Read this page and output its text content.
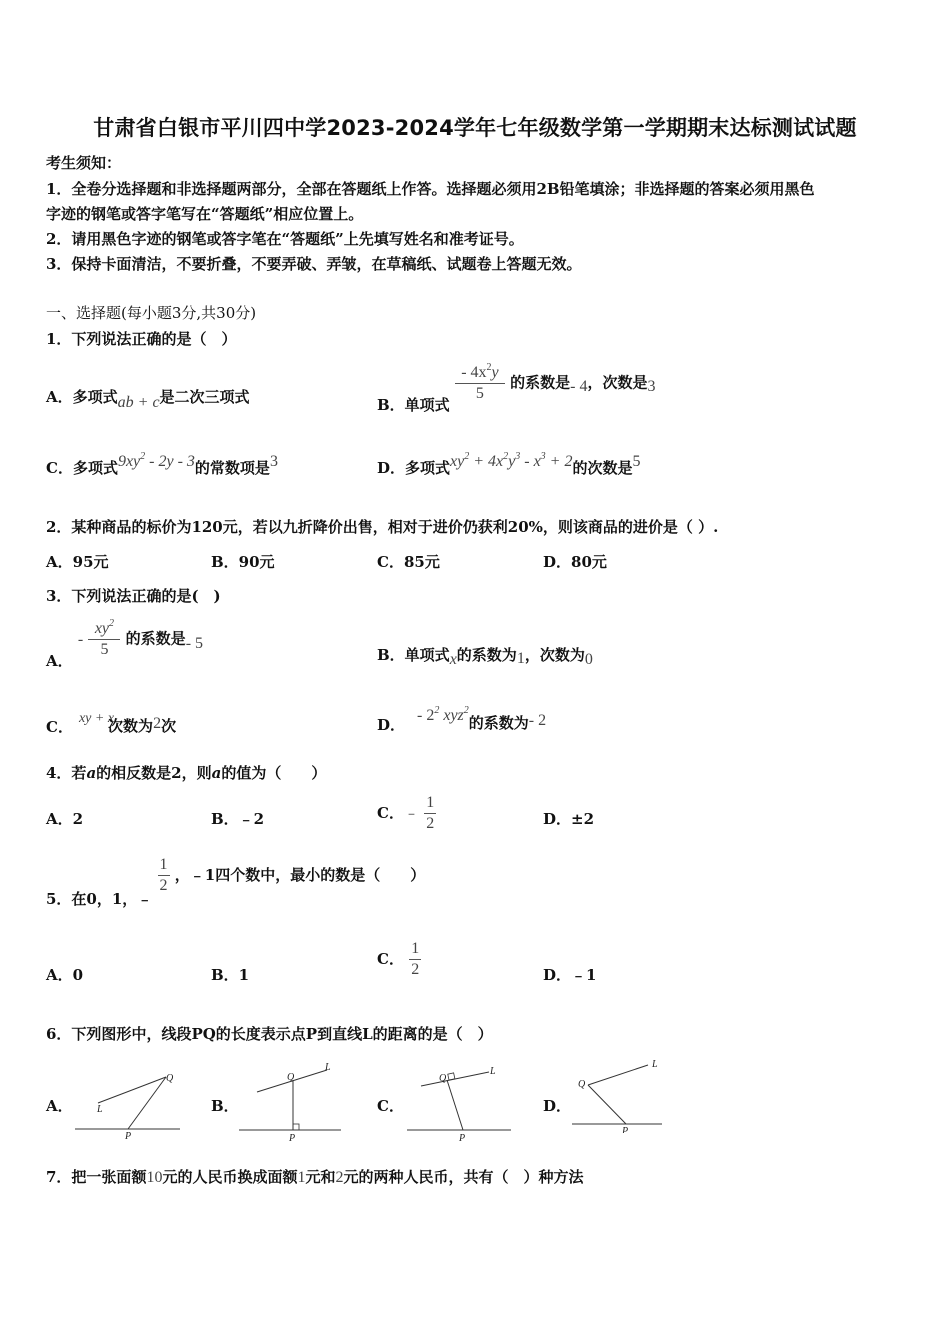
甘肃省白银市平川四中学2023-2024学年七年级数学第一学期期末达标测试试题
考生须知：
1．全卷分选择题和非选择题两部分，全部在答题纸上作答。选择题必须用2B铅笔填涂；非选择题的答案必须用黑色
字迹的钢笔或答字笔写在“答题纸”相应位置上。
2．请用黑色字迹的钢笔或答字笔在“答题纸”上先填写姓名和准考证号。
3．保持卡面清洁，不要折叠，不要弄破、弄皱，在草稿纸、试题卷上答题无效。
一、选择题(每小题3分,共30分)
1．下列说法正确的是（　）
A．多项式ab + c是二次三项式	B．单项式
$\frac{- 4x^2y}{5}$ 的系数是- 4，次数是3
C．多项式$9xy^2 - 2y - 3$的常数项是3	D．多项式$xy^2 + 4x^2y^3 - x^3 + 2$的次数是5
2．某种商品的标价为120元，若以九折降价出售，相对于进价仍获利20%，则该商品的进价是（ ）.
A．95元	B．90元	C．85元	D．80元
3．下列说法正确的是(　)
A． - $\frac{xy^2}{5}$ 的系数是- 5
B．单项式x的系数为1，次数为0
C． xy + x次数为2次	D．- $2^2$ xyz$^2$的系数为- 2
4．若a的相反数是2，则a的值为（　　）
A．2	B．﹣2	C．﹣ $\frac{1}{2}$	D．±2
5．在0，1，﹣
$\frac{1}{2}$ ，﹣1四个数中，最小的数是（　　）
A．0	B．1
C． $\frac{1}{2}$	D．﹣1
6．下列图形中，线段PQ的长度表示点P到直线L的距离的是（　）
A．
Q
L
P
B．
Q
L
P
C．
Q
L
P
D．
Q
L
P
7．把一张面额10元的人民币换成面额1元和2元的两种人民币，共有（　）种方法
